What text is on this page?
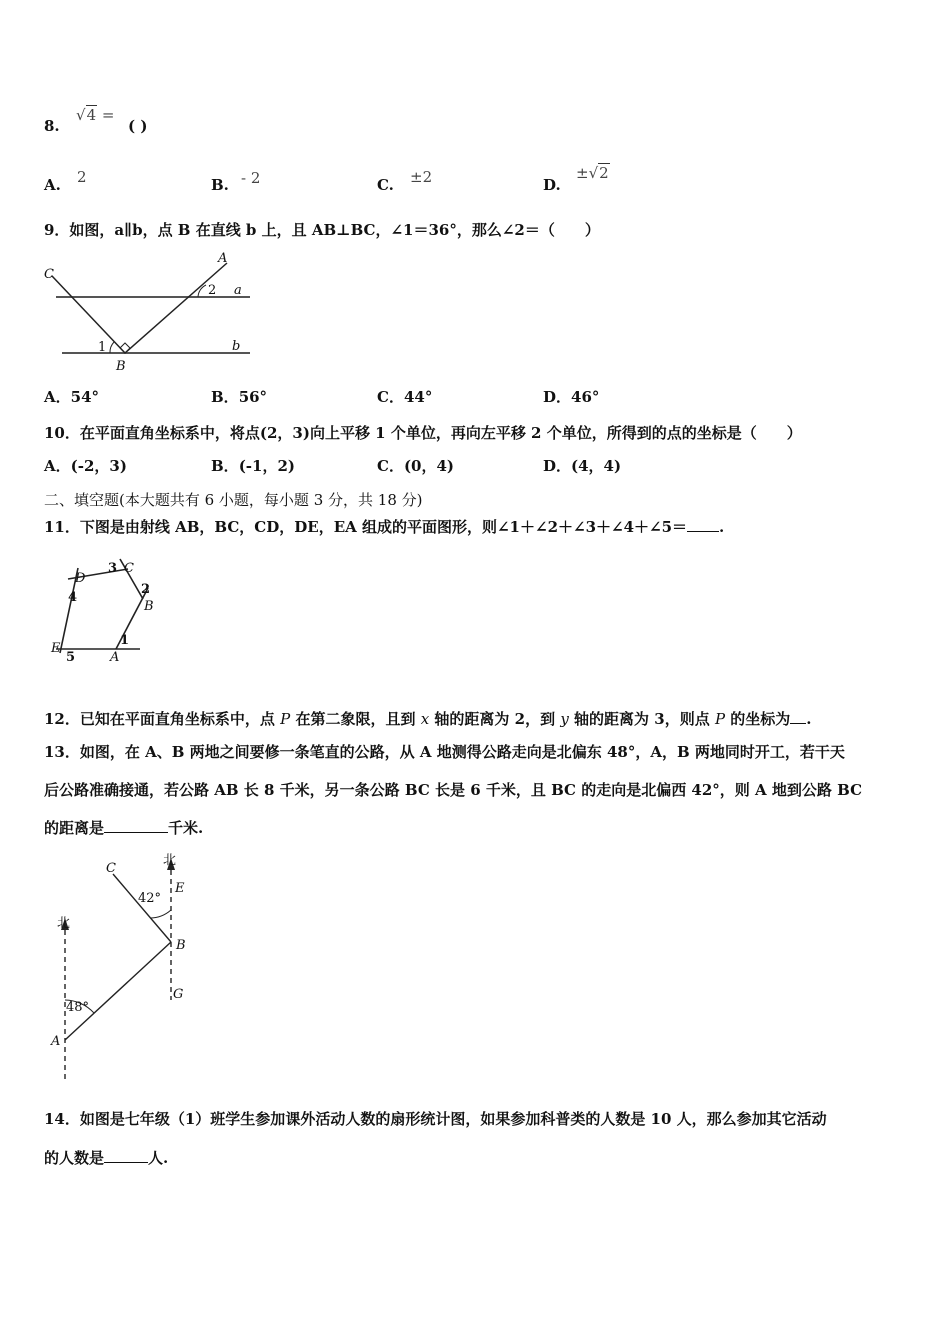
8.
√4 =
( )
A. 2	B. - 2	C. ±2	D.
±√2
9．如图，a∥b，点 B 在直线 b 上，且 AB⊥BC，∠1＝36°，那么∠2＝（　　）
C
A
a
b
1
2
B
A．54°	B．56°	C．44°	D．46°
10．在平面直角坐标系中，将点(2，3)向上平移 1 个单位，再向左平移 2 个单位，所得到的点的坐标是（　　）
A．(-2，3)	B．(-1，2)	C．(0，4)	D．(4，4)
二、填空题(本大题共有 6 小题，每小题 3 分，共 18 分)
11．下图是由射线 AB，BC，CD，DE，EA 组成的平面图形，则∠1＋∠2＋∠3＋∠4＋∠5＝ .
D
C
3
4
2
B
1
E
5	A
12．已知在平面直角坐标系中，点 P 在第二象限，且到 x 轴的距离为 2，到 y 轴的距离为 3，则点 P 的坐标为 .
13．如图，在 A、B 两地之间要修一条笔直的公路，从 A 地测得公路走向是北偏东 48°，A，B 两地同时开工，若干天
后公路准确接通，若公路 AB 长 8 千米，另一条公路 BC 长是 6 千米，且 BC 的走向是北偏西 42°，则 A 地到公路 BC
的距离是	千米.
北
C
E
42°
北
B
G
48°
A
14．如图是七年级（1）班学生参加课外活动人数的扇形统计图，如果参加科普类的人数是 10 人，那么参加其它活动
的人数是	人.
